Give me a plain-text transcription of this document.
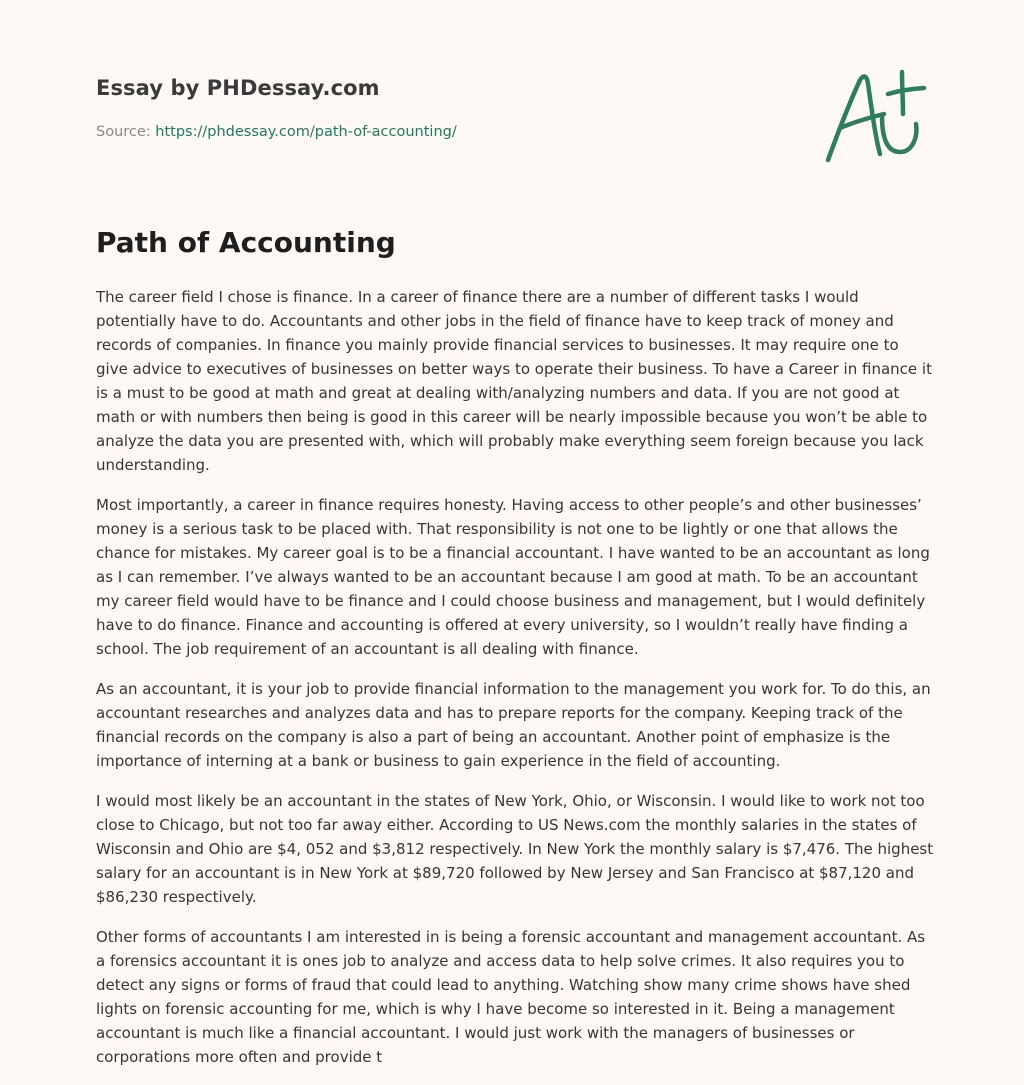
Essay by PHDessay.com
Source: https://phdessay.com/path-of-accounting/
Path of Accounting

The career field I chose is finance. In a career of finance there are a number of different tasks I would potentially have to do. Accountants and other jobs in the field of finance have to keep track of money and records of companies. In finance you mainly provide financial services to businesses. It may require one to give advice to executives of businesses on better ways to operate their business. To have a Career in finance it is a must to be good at math and great at dealing with/analyzing numbers and data. If you are not good at math or with numbers then being is good in this career will be nearly impossible because you won’t be able to analyze the data you are presented with, which will probably make everything seem foreign because you lack understanding.

Most importantly, a career in finance requires honesty. Having access to other people’s and other businesses’ money is a serious task to be placed with. That responsibility is not one to be lightly or one that allows the chance for mistakes. My career goal is to be a financial accountant. I have wanted to be an accountant as long as I can remember. I’ve always wanted to be an accountant because I am good at math. To be an accountant my career field would have to be finance and I could choose business and management, but I would definitely have to do finance. Finance and accounting is offered at every university, so I wouldn’t really have finding a school. The job requirement of an accountant is all dealing with finance.

As an accountant, it is your job to provide financial information to the management you work for. To do this, an accountant researches and analyzes data and has to prepare reports for the company. Keeping track of the financial records on the company is also a part of being an accountant. Another point of emphasize is the importance of interning at a bank or business to gain experience in the field of accounting.

I would most likely be an accountant in the states of New York, Ohio, or Wisconsin. I would like to work not too close to Chicago, but not too far away either. According to US News.com the monthly salaries in the states of Wisconsin and Ohio are $4, 052 and $3,812 respectively. In New York the monthly salary is $7,476. The highest salary for an accountant is in New York at $89,720 followed by New Jersey and San Francisco at $87,120 and $86,230 respectively.

Other forms of accountants I am interested in is being a forensic accountant and management accountant. As a forensics accountant it is ones job to analyze and access data to help solve crimes. It also requires you to detect any signs or forms of fraud that could lead to anything. Watching show many crime shows have shed lights on forensic accounting for me, which is why I have become so interested in it. Being a management accountant is much like a financial accountant. I would just work with the managers of businesses or corporations more often and provide t
